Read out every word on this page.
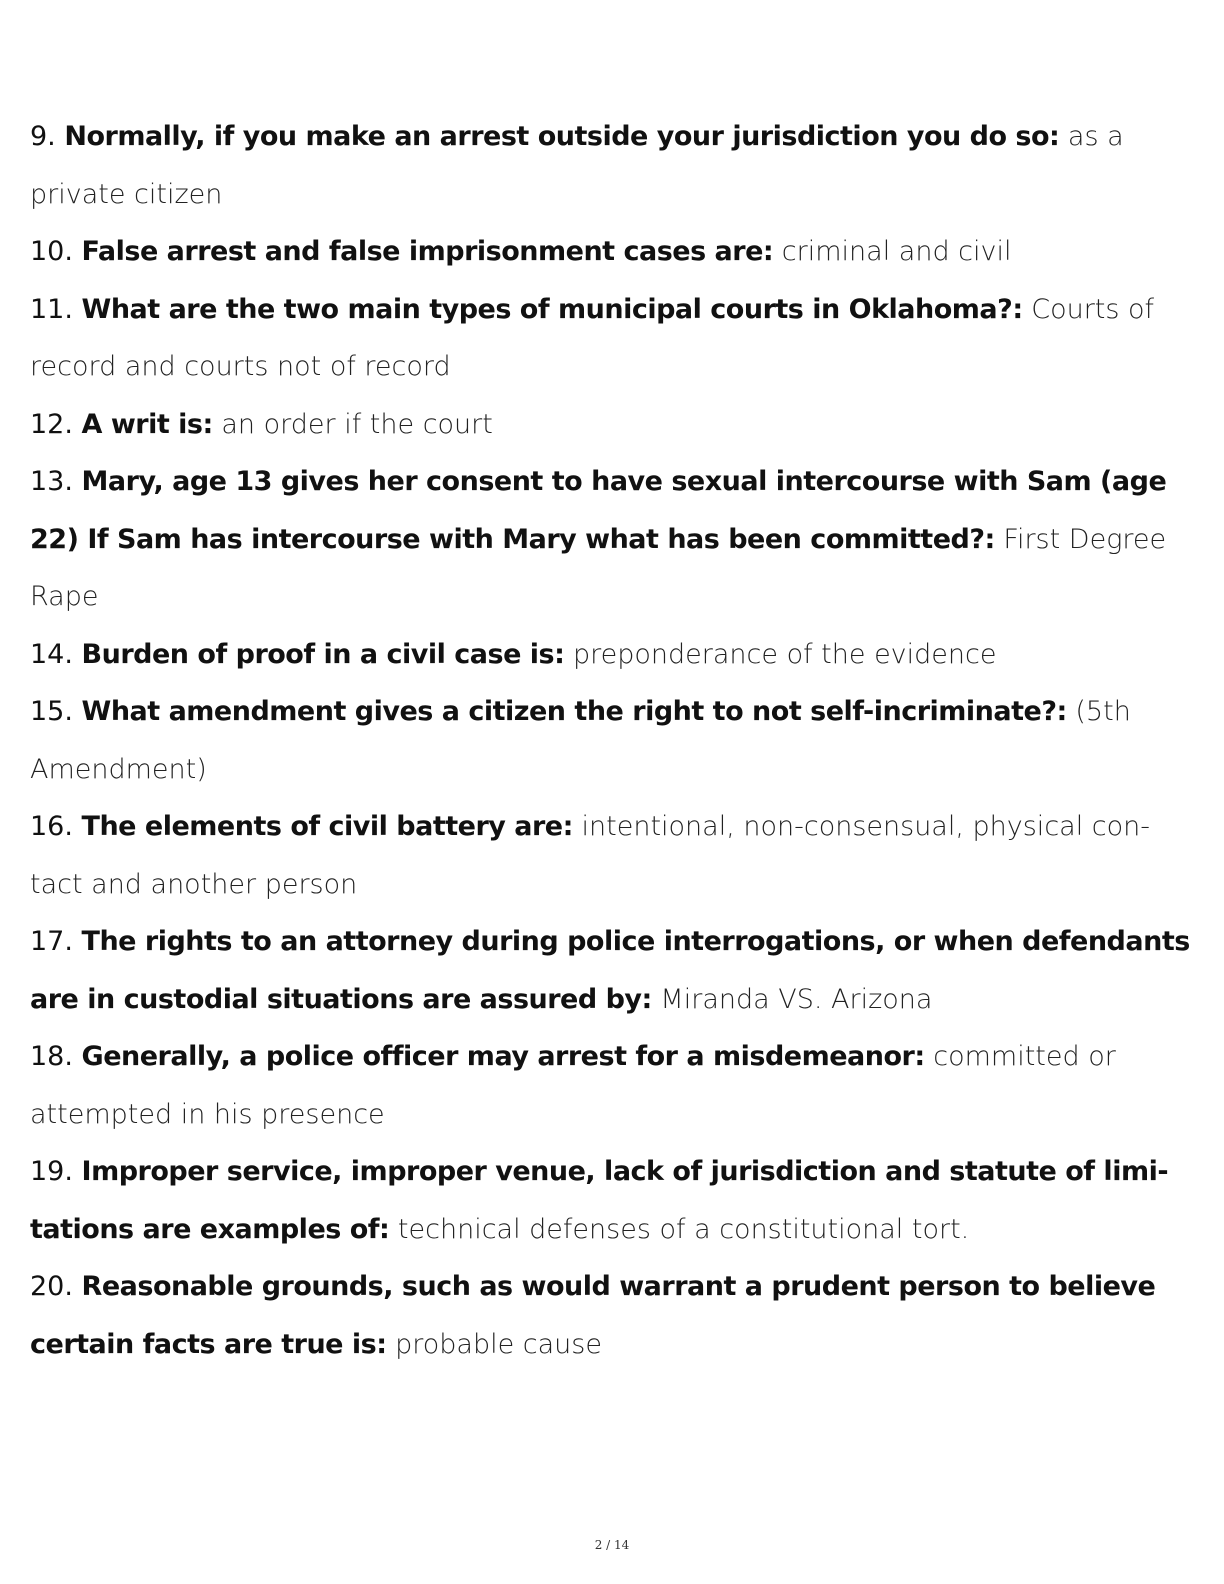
9. Normally, if you make an arrest outside your jurisdiction you do so: as a private citizen

10. False arrest and false imprisonment cases are: criminal and civil

11. What are the two main types of municipal courts in Oklahoma?: Courts of record and courts not of record

12. A writ is: an order if the court

13. Mary, age 13 gives her consent to have sexual intercourse with Sam (age 22) If Sam has intercourse with Mary what has been committed?: First Degree Rape

14. Burden of proof in a civil case is: preponderance of the evidence

15. What amendment gives a citizen the right to not self-incriminate?: (5th Amendment)

16. The elements of civil battery are: intentional, non-consensual, physical con- tact and another person

17. The rights to an attorney during police interrogations, or when defendants are in custodial situations are assured by: Miranda VS. Arizona

18. Generally, a police officer may arrest for a misdemeanor: committed or attempted in his presence

19. Improper service, improper venue, lack of jurisdiction and statute of limi- tations are examples of: technical defenses of a constitutional tort.

20. Reasonable grounds, such as would warrant a prudent person to believe certain facts are true is: probable cause

2 / 14
